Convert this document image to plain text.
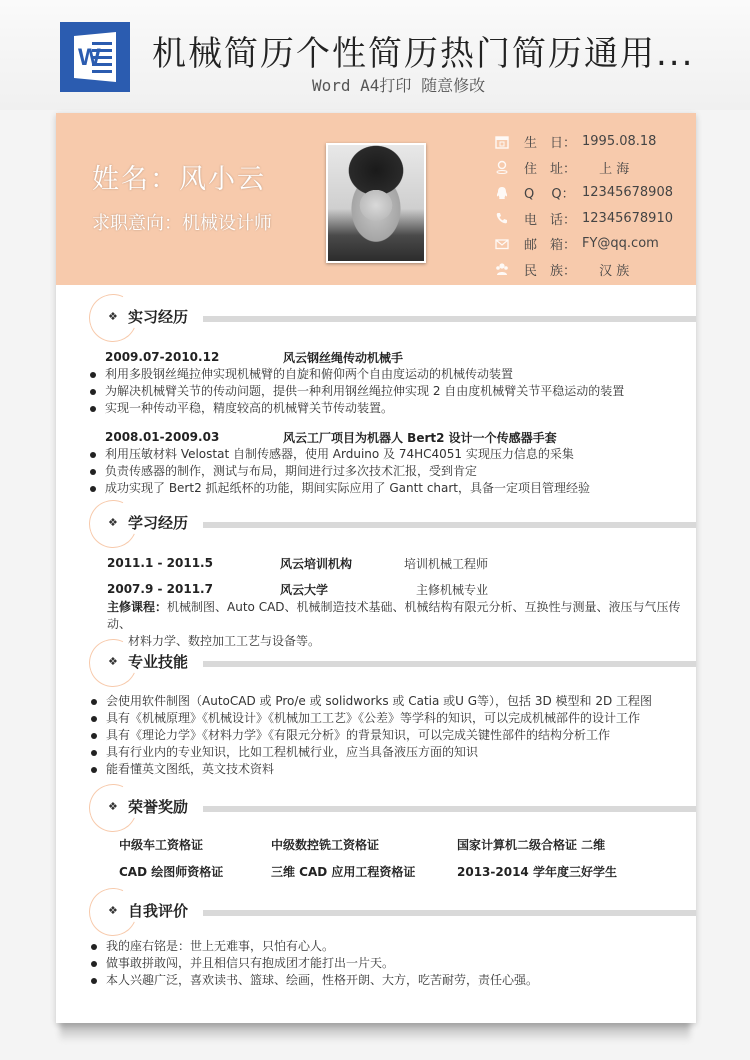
W 机械简历个性简历热门简历通用...
Word A4打印 随意修改
姓名：风小云
求职意向：机械设计师
生　日： 1995.08.18
住　址： 　 上 海
Q　 Q： 12345678908
电　话： 12345678910
邮　箱： FY@qq.com
民　族： 　 汉 族
❖ 实习经历
2009.07-2010.12	风云钢丝绳传动机械手
利用多股钢丝绳拉伸实现机械臂的自旋和俯仰两个自由度运动的机械传动装置
为解决机械臂关节的传动问题，提供一种利用钢丝绳拉伸实现 2 自由度机械臂关节平稳运动的装置
实现一种传动平稳，精度较高的机械臂关节传动装置。
2008.01-2009.03	风云工厂项目为机器人 Bert2 设计一个传感器手套
利用压敏材料 Velostat 自制传感器，使用 Arduino 及 74HC4051 实现压力信息的采集
负责传感器的制作，测试与布局，期间进行过多次技术汇报，受到肯定
成功实现了 Bert2 抓起纸杯的功能，期间实际应用了 Gantt chart，具备一定项目管理经验
❖ 学习经历
2011.1 - 2011.5	风云培训机构	培训机械工程师
2007.9 - 2011.7	风云大学	主修机械专业
主修课程：机械制图、Auto CAD、机械制造技术基础、机械结构有限元分析、互换性与测量、液压与气压传动、
材料力学、数控加工工艺与设备等。
❖ 专业技能
会使用软件制图（AutoCAD 或 Pro/e 或 solidworks 或 Catia 或U G等），包括 3D 模型和 2D 工程图
具有《机械原理》《机械设计》《机械加工工艺》《公差》等学科的知识，可以完成机械部件的设计工作
具有《理论力学》《材料力学》《有限元分析》的背景知识，可以完成关键性部件的结构分析工作
具有行业内的专业知识，比如工程机械行业，应当具备液压方面的知识
能看懂英文图纸，英文技术资料
❖ 荣誉奖励
中级车工资格证	中级数控铣工资格证	国家计算机二级合格证 二维
CAD 绘图师资格证	三维 CAD 应用工程资格证	2013-2014 学年度三好学生
❖ 自我评价
我的座右铭是：世上无难事，只怕有心人。
做事敢拼敢闯，并且相信只有抱成团才能打出一片天。
本人兴趣广泛，喜欢读书、篮球、绘画，性格开朗、大方，吃苦耐劳，责任心强。
